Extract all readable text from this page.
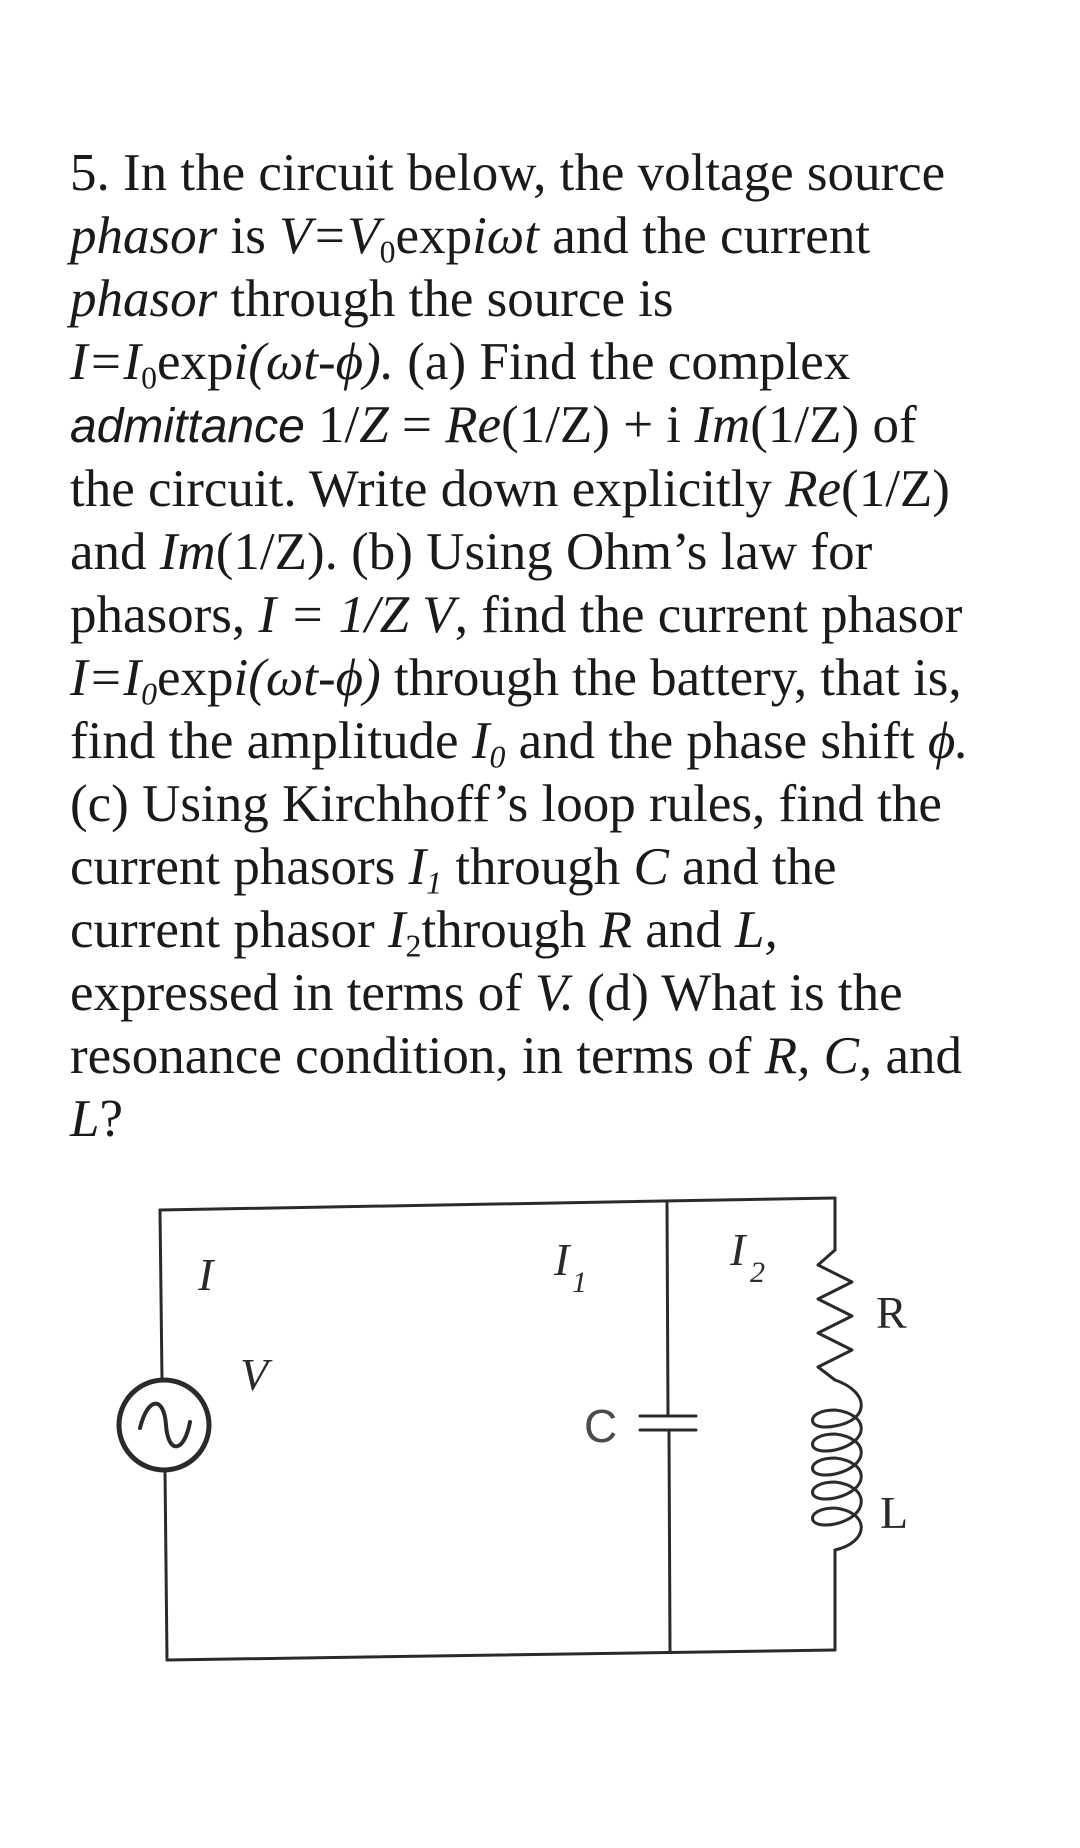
5. In the circuit below, the voltage source
phasor is $V=V_0\exp i\omega t$ and the current
phasor through the source is
$I=I_0\exp i(\omega t-\phi)$. (a) Find the complex
admittance 1/Z = Re(1/Z) + i Im(1/Z) of
the circuit. Write down explicitly Re(1/Z)
and Im(1/Z). (b) Using Ohm’s law for
phasors, I = 1/Z V, find the current phasor
$I=I_0\exp i(\omega t-\phi)$ through the battery, that is,
find the amplitude $I_0$ and the phase shift ϕ.
(c) Using Kirchhoff’s loop rules, find the
current phasors $I_1$ through C and the
current phasor $I_2through$ R and L,
expressed in terms of V. (d) What is the
resonance condition, in terms of R, C, and
L?
I
V
I 1
I 2
C
R
L
